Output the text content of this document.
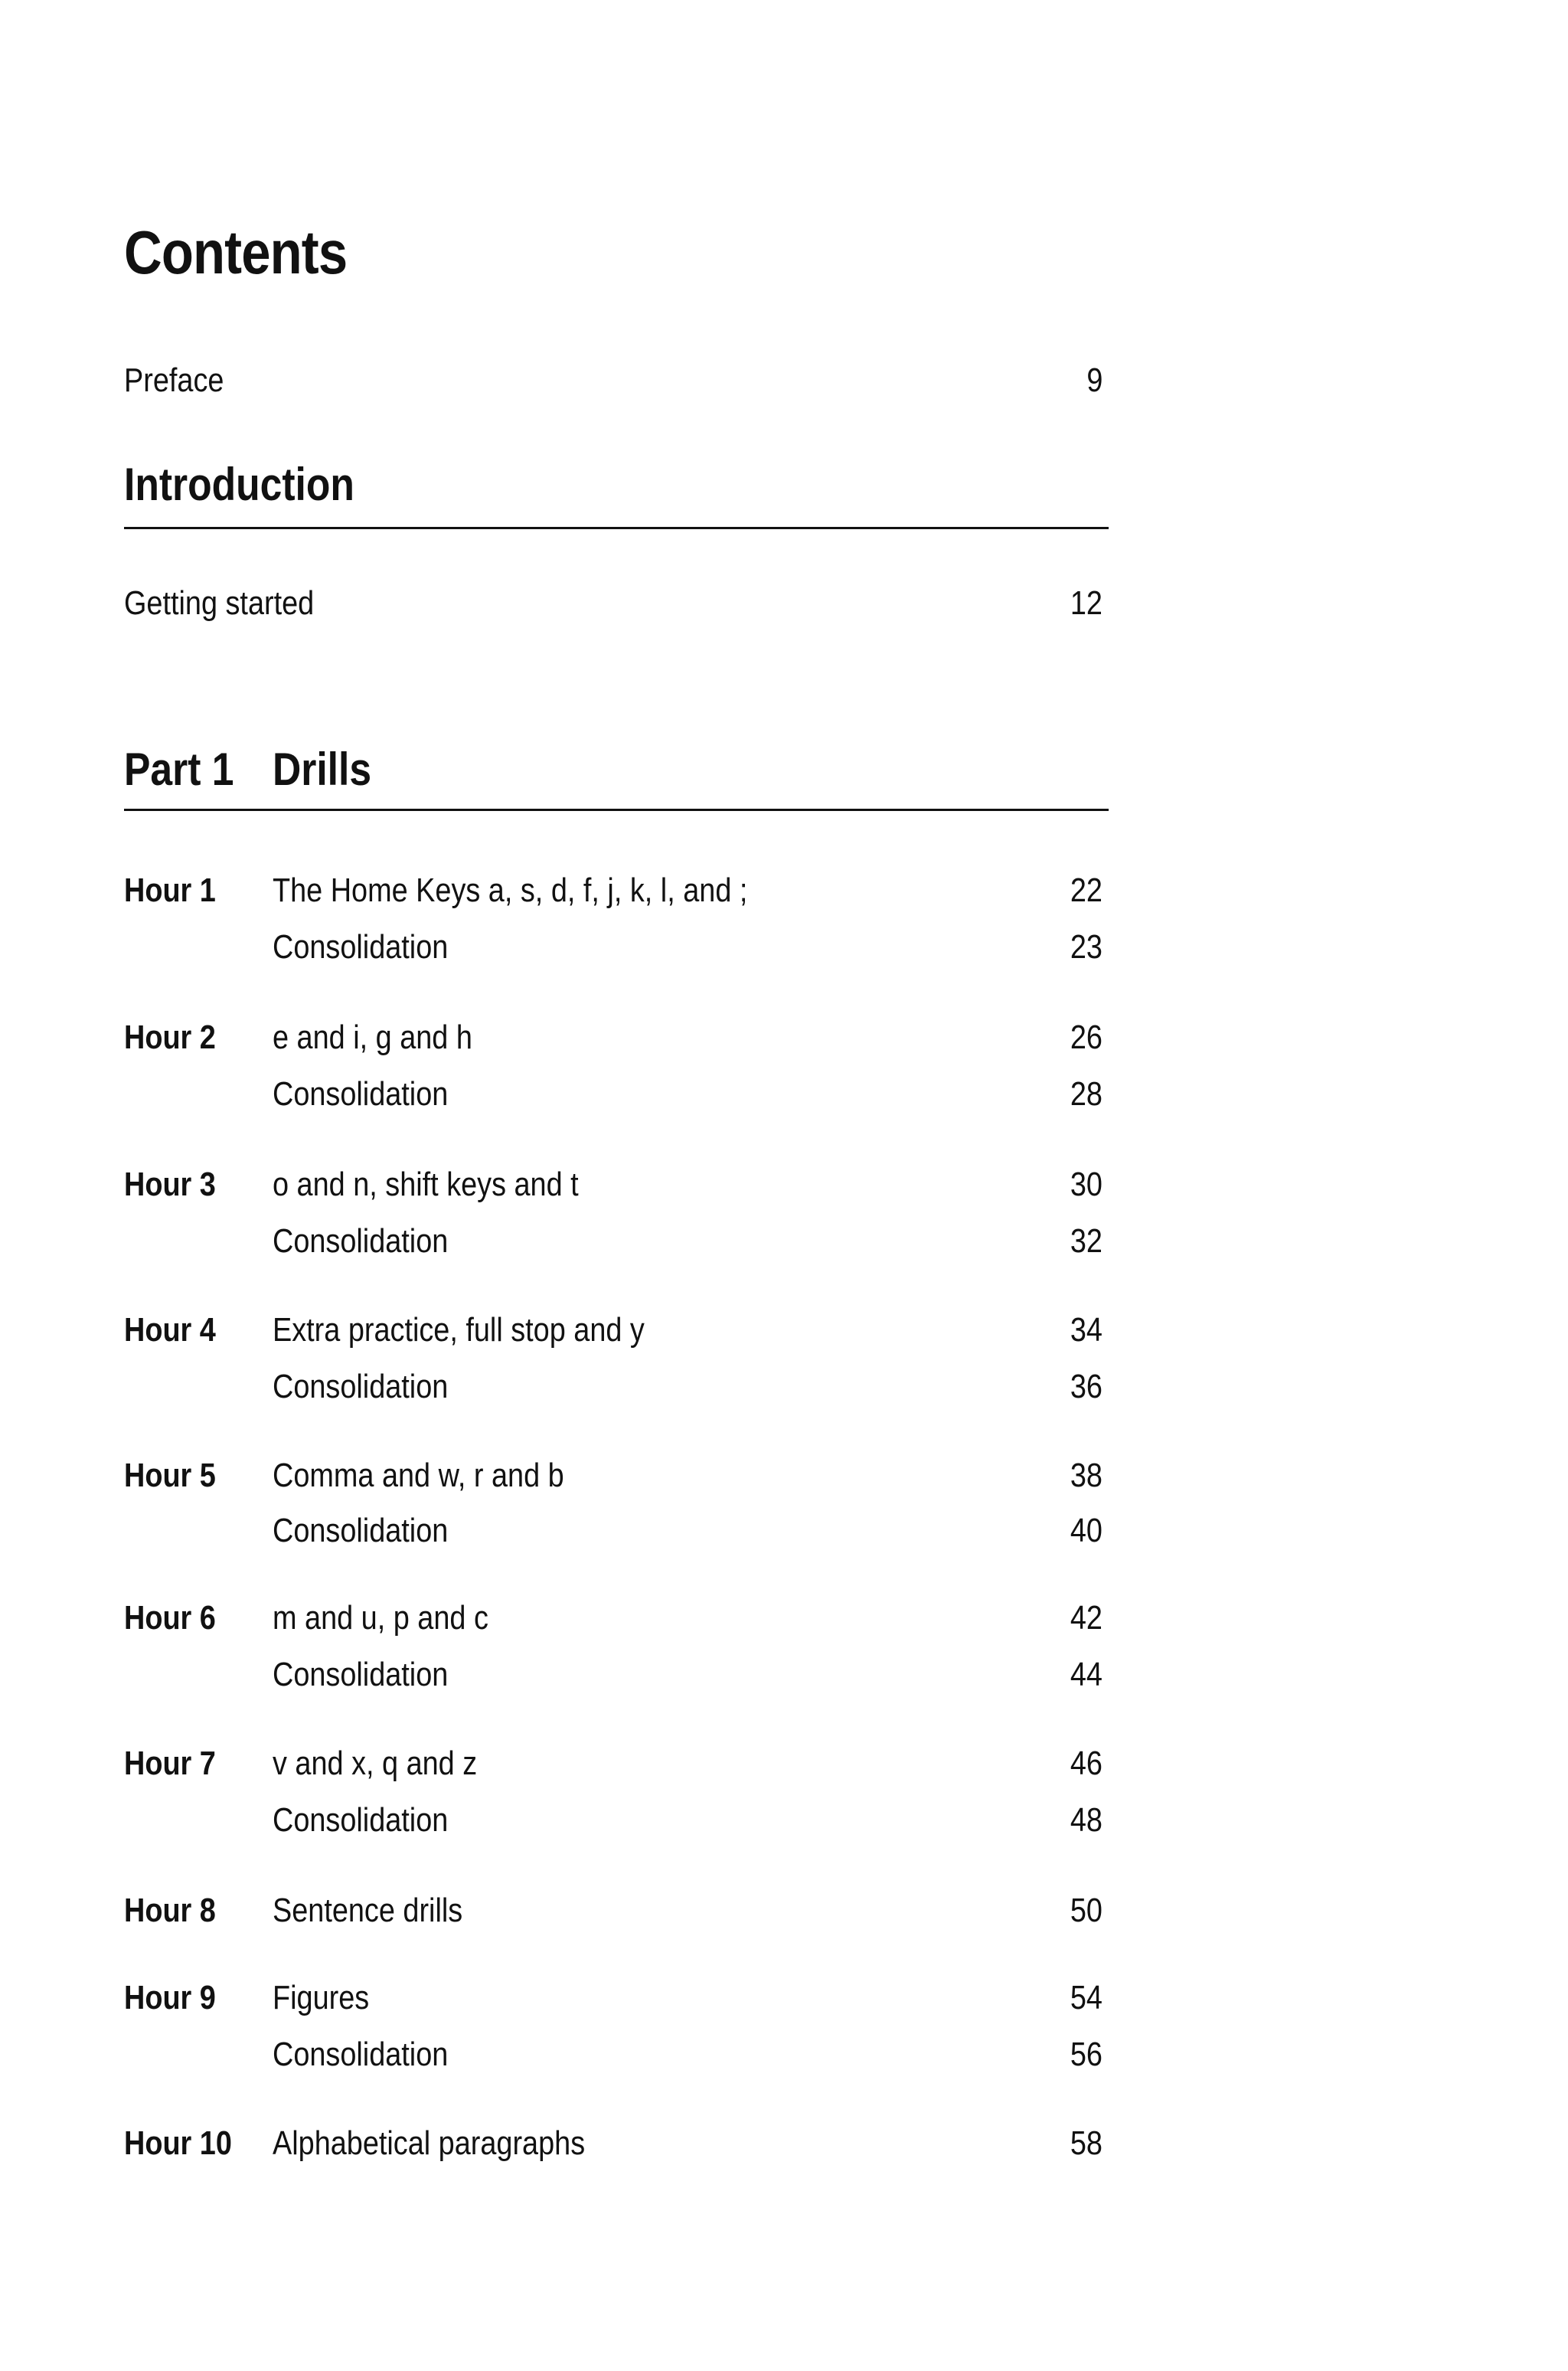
Contents
Preface	9
Introduction
Getting started	12
Part 1 Drills
Hour 1 The Home Keys a, s, d, f, j, k, l, and ;	22
Consolidation	23
Hour 2 e and i, g and h	26
Consolidation	28
Hour 3 o and n, shift keys and t	30
Consolidation	32
Hour 4 Extra practice, full stop and y	34
Consolidation	36
Hour 5 Comma and w, r and b	38
Consolidation	40
Hour 6 m and u, p and c	42
Consolidation	44
Hour 7 v and x, q and z	46
Consolidation	48
Hour 8 Sentence drills	50
Hour 9 Figures	54
Consolidation	56
Hour 10 Alphabetical paragraphs	58
